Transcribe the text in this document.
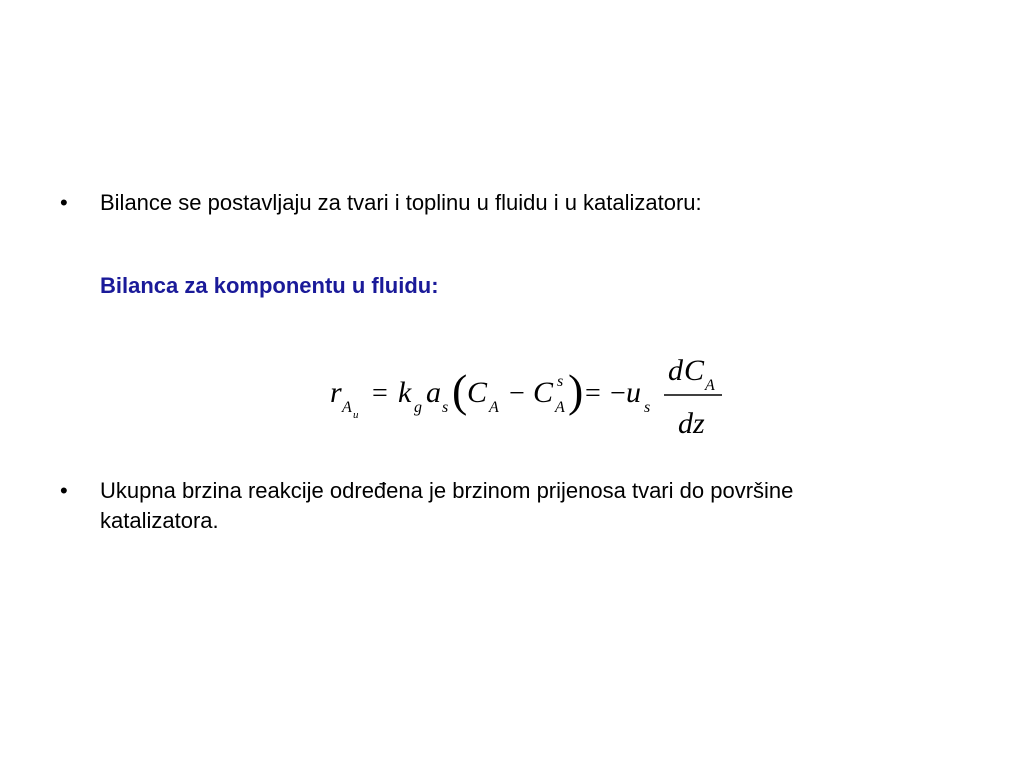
•	Bilance se postavljaju za tvari i toplinu u fluidu i u katalizatoru:
Bilanca za komponentu u fluidu:
r A u
= k g a s ( C A − C s
A ) = − u s
d C A
dz
•	Ukupna brzina reakcije određena je brzinom prijenosa tvari do površine katalizatora.
